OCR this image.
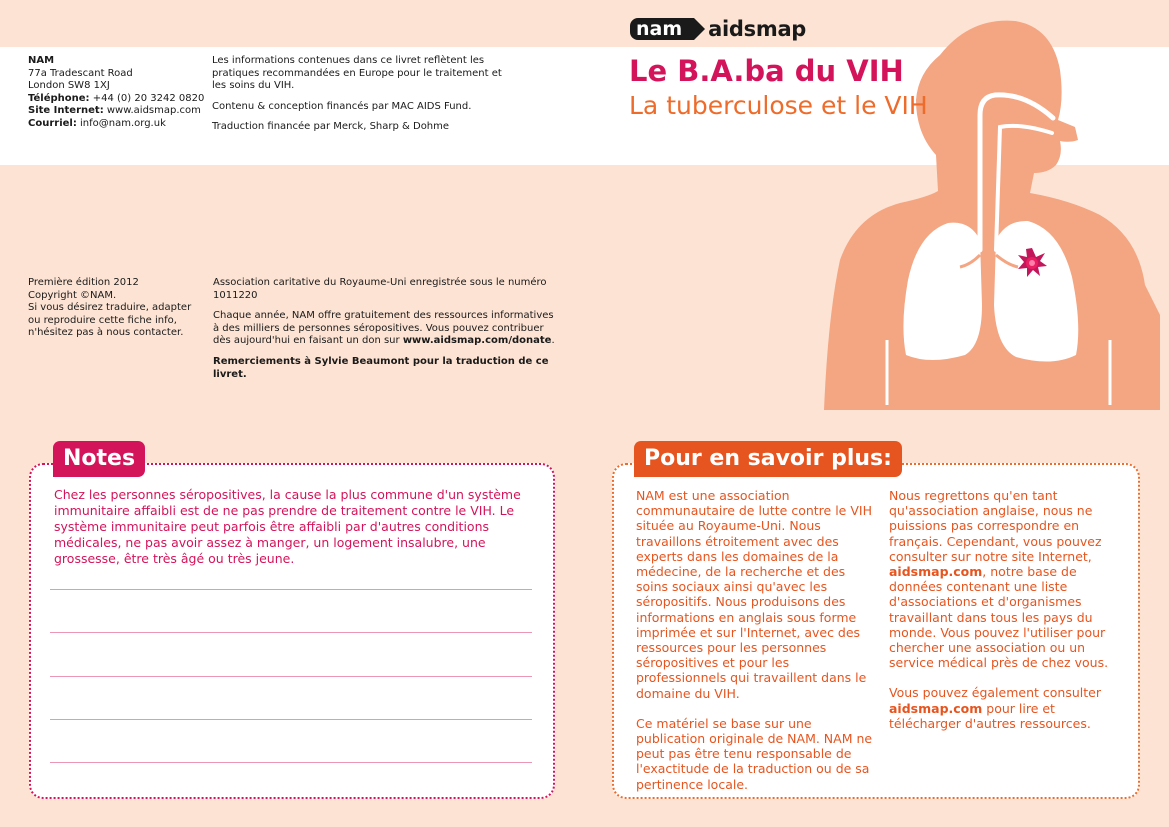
NAM
77a Tradescant Road
London SW8 1XJ
Téléphone: +44 (0) 20 3242 0820
Site Internet: www.aidsmap.com
Courriel: info@nam.org.uk

Les informations contenues dans ce livret reflètent les pratiques recommandées en Europe pour le traitement et les soins du VIH.

Contenu & conception financés par MAC AIDS Fund.

Traduction financée par Merck, Sharp & Dohme

Première édition 2012
Copyright ©NAM.
Si vous désirez traduire, adapter
ou reproduire cette fiche info,
n'hésitez pas à nous contacter.

Association caritative du Royaume-Uni enregistrée sous le numéro 1011220

Chaque année, NAM offre gratuitement des ressources informatives à des milliers de personnes séropositives. Vous pouvez contribuer dès aujourd'hui en faisant un don sur www.aidsmap.com/donate.

Remerciements à Sylvie Beaumont pour la traduction de ce livret.

nam	aidsmap
Le B.A.ba du VIH
La tuberculose et le VIH
Notes
Chez les personnes séropositives, la cause la plus commune d'un système immunitaire affaibli est de ne pas prendre de traitement contre le VIH. Le système immunitaire peut parfois être affaibli par d'autres conditions médicales, ne pas avoir assez à manger, un logement insalubre, une grossesse, être très âgé ou très jeune.
Pour en savoir plus:

NAM est une association communautaire de lutte contre le VIH située au Royaume-Uni. Nous travaillons étroitement avec des experts dans les domaines de la médecine, de la recherche et des soins sociaux ainsi qu'avec les séropositifs. Nous produisons des informations en anglais sous forme imprimée et sur l'Internet, avec des ressources pour les personnes séropositives et pour les professionnels qui travaillent dans le domaine du VIH.

Ce matériel se base sur une publication originale de NAM. NAM ne peut pas être tenu responsable de l'exactitude de la traduction ou de sa pertinence locale.

Nous regrettons qu'en tant qu'association anglaise, nous ne puissions pas correspondre en français. Cependant, vous pouvez consulter sur notre site Internet, aidsmap.com, notre base de données contenant une liste d'associations et d'organismes travaillant dans tous les pays du monde. Vous pouvez l'utiliser pour chercher une association ou un service médical près de chez vous.

Vous pouvez également consulter aidsmap.com pour lire et télécharger d'autres ressources.
